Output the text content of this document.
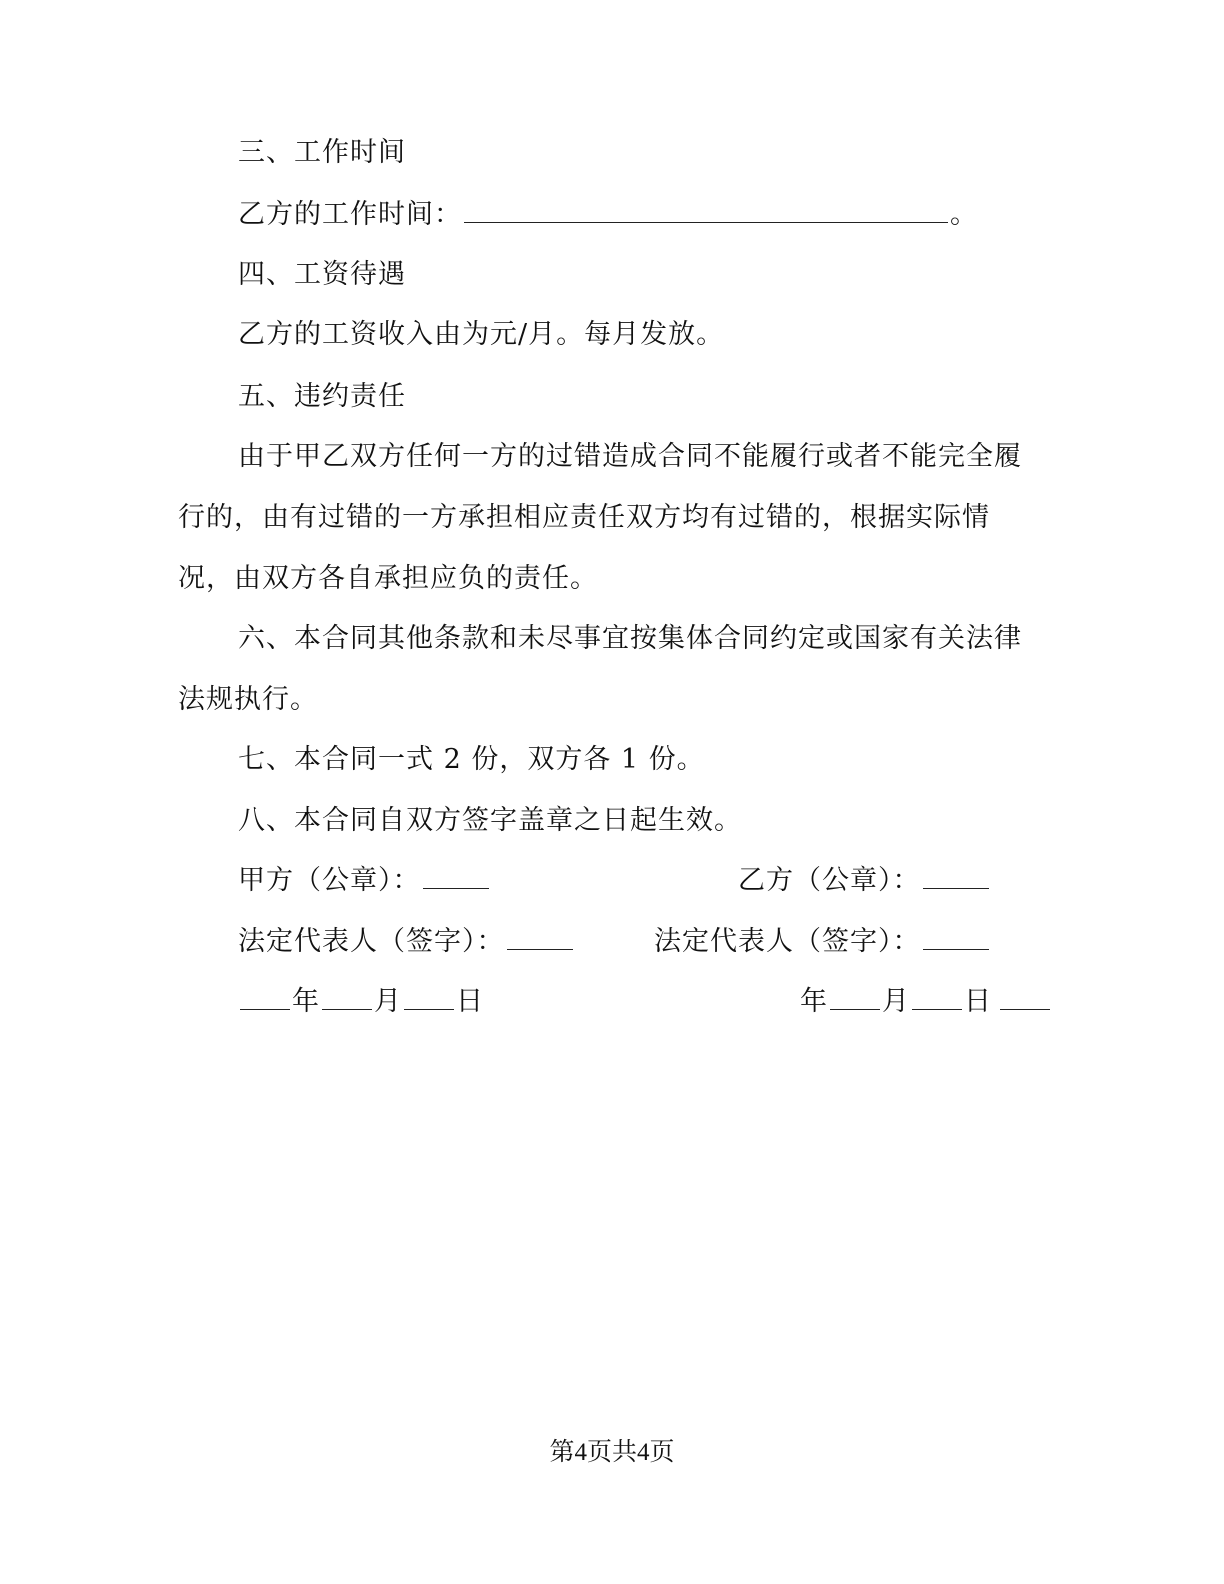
三、工作时间
乙方的工作时间：	。
四、工资待遇
乙方的工资收入由为元/月。每月发放。
五、违约责任
由于甲乙双方任何一方的过错造成合同不能履行或者不能完全履
行的，由有过错的一方承担相应责任双方均有过错的，根据实际情
况，由双方各自承担应负的责任。
六、本合同其他条款和未尽事宜按集体合同约定或国家有关法律
法规执行。
七、本合同一式 2 份，双方各 1 份。
八、本合同自双方签字盖章之日起生效。
甲方（公章）：	乙方（公章）：
法定代表人（签字）：	法定代表人（签字）：
年 月 日	年 月 日
第4页共4页
